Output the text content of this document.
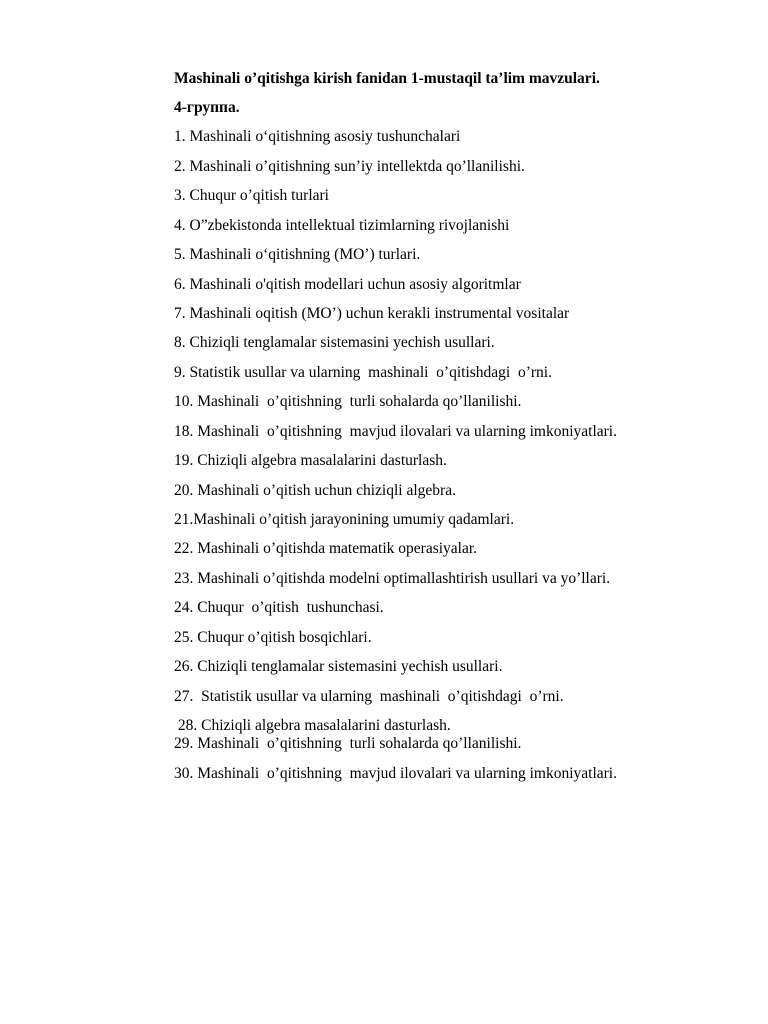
Mashinali o’qitishga kirish fanidan 1-mustaqil ta’lim mavzulari.
4-группа.
1. Mashinali o‘qitishning asosiy tushunchalari
2. Mashinali o’qitishning sun’iy intellektda qo’llanilishi.
3. Chuqur o’qitish turlari
4. O”zbekistonda intellektual tizimlarning rivojlanishi
5. Mashinali o‘qitishning (MO’) turlari.
6. Mashinali o'qitish modellari uchun asosiy algoritmlar
7. Mashinali oqitish (MO’) uchun kerakli instrumental vositalar
8. Chiziqli tenglamalar sistemasini yechish usullari.
9. Statistik usullar va ularning  mashinali  o’qitishdagi  o’rni.
10. Mashinali  o’qitishning  turli sohalarda qo’llanilishi.
18. Mashinali  o’qitishning  mavjud ilovalari va ularning imkoniyatlari.
19. Chiziqli algebra masalalarini dasturlash.
20. Mashinali o’qitish uchun chiziqli algebra.
21.Mashinali o’qitish jarayonining umumiy qadamlari.
22. Mashinali o’qitishda matematik operasiyalar.
23. Mashinali o’qitishda modelni optimallashtirish usullari va yo’llari.
24. Chuqur  o’qitish  tushunchasi.
25. Chuqur o’qitish bosqichlari.
26. Chiziqli tenglamalar sistemasini yechish usullari.
27.  Statistik usullar va ularning  mashinali  o’qitishdagi  o’rni.
28. Chiziqli algebra masalalarini dasturlash.
29. Mashinali  o’qitishning  turli sohalarda qo’llanilishi.
30. Mashinali  o’qitishning  mavjud ilovalari va ularning imkoniyatlari.
